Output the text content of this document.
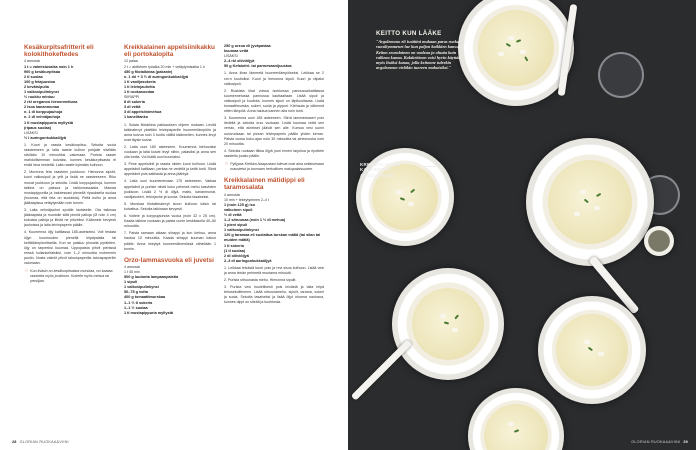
Kesäkurpitsafritterit eli kolokithokeftedes
4 annosta
1 t = valmistusaika noin 1 h
900 g kesäkurpitsaa
2 tl suolaa
100 g fetajuustoa
2 kevätsipulia
1 valkosipulinkynsi
½ ruukku mintuu
2 rkl oreganoo hienonnettuna
2 isoa kananmunaa
n. 1 dl korppujauhoja
n. 2 dl vehnäjauhoja
1 tl mustapippuria myllystä
(ripaus suolaa)
LISÄKSI
½ l auringonkukkaöljyä
1. Kuori ja raasta kesäkurpitsa. Sekoita suola raasteeseen ja laita raaste kulhon pohjalle siivilään siivilään 10 minuutiksi valumaan. Purista raaste mahdollisimman kuivaksi, kunnes kesäkurpitsasta ei enää irtoa nestettä. Laita raaste kylmään kulhoon.
2. Murenna feta raasteen joukkoon. Hienonna sipulit, kuori valkosipuli ja yrtit ja lisää ne raasteeseen. Riko munat joukkoon ja sekoita. Lisää korppujauhoja, kunnes taikina on paksua ja tarkinmassaisia. Mausta mustapippurilla ja halutessasi pienellä ripauksella suolaa (huomaa, että feta on suolaista). Peitä kulho ja anna jääkaapissa vetäytymään noin tunnin.
3. Laita vehnäjauhot syvälle lautaselle. Ota taikinaa jääkaapista ja muotoile siitä pieniä palloja (Ø noin 4 cm) kokoisia palloja ja litistä ne pihveiksi. Käännele kevyesti jauhoissa ja laita leivinpaperin päälle.
4. Kuumenna öljy kattilassa 185-asteiseksi. Voit testata öljyn kuumuuden pienellä leipäpalalla tai keittiölämpömittarilla. Kun se paistuu pinnalla pyrähtien, öljy on tarpeeksi kuumaa. Uppopaista pihvit pienissä erissä kullankeltaisiksi, noin 1–2 minuuttia molemmin puolin. Nosta valmiit pihvit talouspaperilla talouspaperille valumaan.
⁘ Kun lisäsin on kesäkurpitsaista murskaa, voi kaataa raastetta myös joukkoon. Kokeile myös mintua tai persiljaa.
Kreikkalainen appelsiinikakku eli portokalopita
12 palaa
2 t = aktiivinen työaika 20 min + vetäytymisaika 1 h
450 g filotaikinaa (pakaste)
n. 1 rkl + 3 ½ dl auringonkukkaöljyä
1 tl vaniljasokeria
1 tl leivinjauhetta
1 tl ruokasoodaa
SIIRAPPI
8 dl sokeria
3 dl vettä
3 dl appelsiinimehua
1 kanelitanko
1. Sulata filotaikina pakkauksen ohjeen mukaan. Levitä taikinalevyt yksittäin leivinpaperille huoneenlämpöön ja anna kuivua noin 3 tuntia välillä käännellen, kunnes levyt ovat täysin kuivia.
2. Laita uuni 180 asteeseen. Kuumenna kiehuvaksi vuokaan ja laita kuivat levyt niihin, palasiksi ja anna sen olla tuntia. Voi lisätä uuni kuumaksi.
3. Pese appelsiinit ja raasta niiden kuori kulhoon. Lisää appelsiinit kattilaan, perkaa ne vedellä ja keitä tunti. Siirrä appelsiinit pois kattilasta ja anna jäähtyä.
4. Laita uuni kuumenemaan 175 asteeseen. Vatkaa appelsiinit ja puriste niistä koko pehmeä mehu kasvisten joukkoon. Lisää 2 ½ dl öljyä, maito, kananmunat, vaniljasokeri, leivinjauhe ja sooda. Sekoita tasaiseksi.
5. Murskaa filotaikinalevyt isoon kulhoon käsin tai kuivattua. Sekoita taikinaan kevyesti.
6. Voitele ja korppujauhota vuoka (noin 32 x 25 cm). Kaada taikina vuokaan ja paista uunin keskitasolla 40–50 minuuttia.
7. Paista samaan aikaan siirappi ja kun kiehuu, anna hautua 10 minuuttia. Kaada siirappi kuuman kakun päälle. Anna imeytyä huoneenlämmössä vähintään 1 tunnin.
Orzo-lammasvuoka eli juvetsi
4 annosta
1 t 45 min
500 g luutonta lampaanpaistia
1 sipuli
1 valkosipulinkynsi
50–75 g voita
400 g tomaattimurskaa
1–1 ½ tl sokeria
1–1 ½ suolaa
1 tl mustapippuria myllystä
250 g orzoa eli jyväpastaa
kuumaa vettä
LISÄKSI
2–4 rkl oliiviöljyä
50 g Kefalotiri- tai parmesaanijuustoa
1. Anna lihan lämmetä huoneenlämpöiseksi. Leikkaa se 2 cm:n kuutioiksi. Kuori ja hienonna sipuli. Kuori ja viipaloi valkosipuli.
2. Ruskista lihat voissa isohkossa pannussa/kattilassa kuumennetussa pannussa kauttaaltaan. Lisää sipuli ja valkosipuli ja kuullota, kunnes sipuli on läpikuultavaa. Lisää tomaattimurska, sokeri, suola ja pippuri. Kiehauta ja vähennä sitten lämpöä. Anna hautua kannen alla noin tunti.
3. Kuumenna uuni 185 asteeseen. Siirrä lammaskaseri pois liedeltä ja sekoita orzo vuokaan. Lisää kuumaa vettä sen verran, että ainekset jäävät sen alle. Kumoa vesi uunin uunivuokaan tai pizzan leivinpaperin päälle yhden kerran. Paista vuoka koko-ajan noin 30 minuuttia tai ainesvuoka noin 20 minuuttia.
4. Sekoita ruokaan tilkka öljyä juuri ennen tarjoilua ja ripottele raasteltu juusto päälle.
⁘ Pyllypas Kreikka-Naapustasi tulevat ovat aina sellaisenaan maustetut ja tuomaan herkullisen makupalaisuuden.
Kreikkalainen mätidippi eli taramosalata
4 annosta
10 min + tekeytyminen 2–4 t
1 (noin 125 g) iso
valkoinen sipuli
½ dl vettä
1–2 sitruunaa (noin 1 ½ dl mehua)
1 pieni sipuli
1 valkosipulinkynsi
120 g taramaa eli suolattua turskan mätiä (tai siian tai muiden mätiä)
1 tl sokeria
(1 tl suolaa)
2 dl oliiviöljyä
2–3 dl auringonkukkaöljyä
1. Leikkaa leivästä kuori pois ja revi sisus kulhoon. Lisää vesi ja anna leivän pehmetä muutama minuutti.
2. Purista sitruunasta mehu. Hienonna sipulit.
3. Purista vesi huolellisesti pois leivästä ja laita leipä tehosekoittimeen. Lisää sitruunamehu, sipulit, tarama, sokeri ja suola. Sekoita tasaiseksi ja lisää öljyt ohuena nauhana, kunnes dippi on sileää ja kuohkeaa.
28 GLORIAN RUOKAA&VIINI
KEITTO KUN LÄÄKE
"Avgolemono eli isoäitini mukaan paras ruoka vuosikymmenet lue kun paljon kaikkien kanssa. Keiton seuralainen on vaaleaa ja ohutta kuin valkeaa kanaa. Kalakeittoon voisi hyvin käyttää myös lisäksi kanaa, jolla keitonne tuleekin avgolemono vieläkin tuoreen makuisiksi."
KREIKKALAINEN KALAKEITTO AVGOLEMONO
GLORIAN RUOKAA&VIINI 39
